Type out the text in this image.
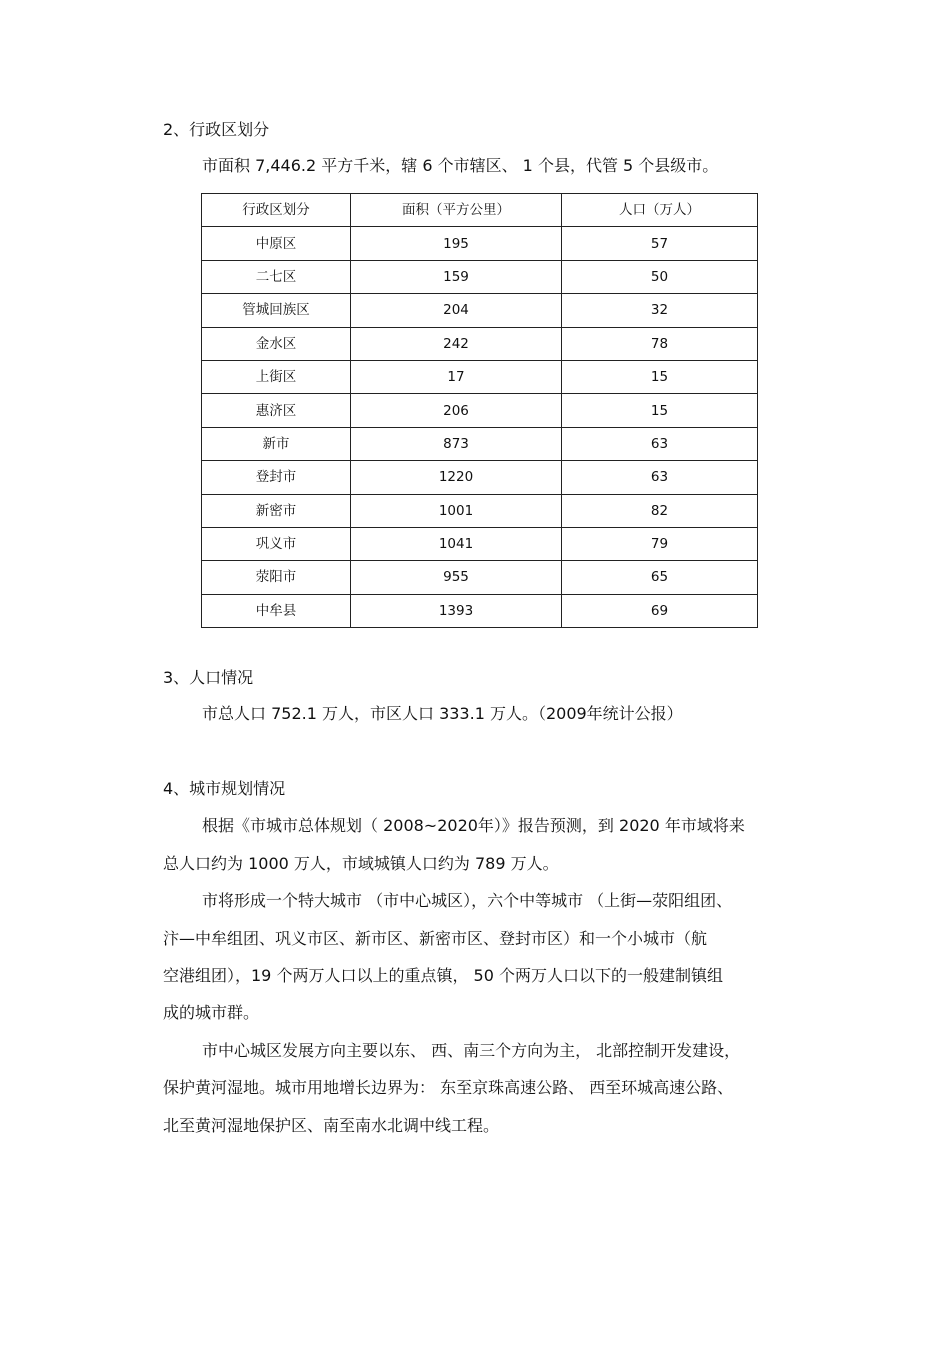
2、行政区划分
市面积 7,446.2 平方千米，辖 6 个市辖区、 1 个县，代管 5 个县级市。
行政区划分	面积（平方公里）	人口（万人）
中原区	195	57
二七区	159	50
管城回族区	204	32
金水区	242	78
上街区	17	15
惠济区	206	15
新市	873	63
登封市	1220	63
新密市	1001	82
巩义市	1041	79
荥阳市	955	65
中牟县	1393	69
3、人口情况
市总人口 752.1 万人，市区人口 333.1 万人。（2009年统计公报）
4、城市规划情况
根据《市城市总体规划（ 2008~2020年）》报告预测，到 2020 年市域将来
总人口约为 1000 万人，市域城镇人口约为 789 万人。
市将形成一个特大城市 （市中心城区），六个中等城市 （上街—荥阳组团、
汴—中牟组团、巩义市区、新市区、新密市区、登封市区）和一个小城市（航
空港组团），19 个两万人口以上的重点镇， 50 个两万人口以下的一般建制镇组
成的城市群。
市中心城区发展方向主要以东、 西、南三个方向为主， 北部控制开发建设，
保护黄河湿地。城市用地增长边界为： 东至京珠高速公路、 西至环城高速公路、
北至黄河湿地保护区、南至南水北调中线工程。
